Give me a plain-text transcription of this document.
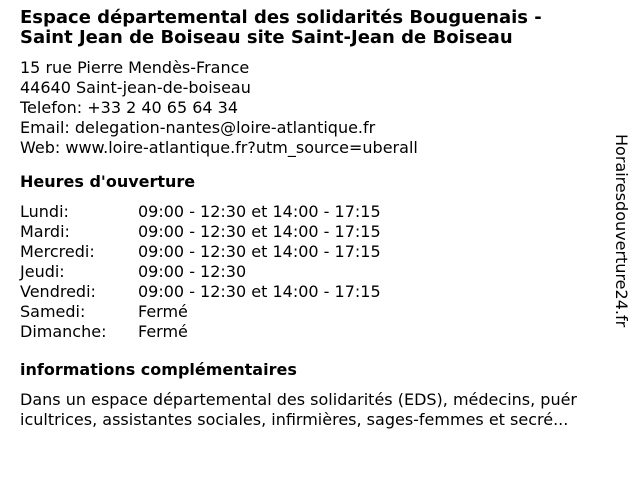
Espace départemental des solidarités Bouguenais -
Saint Jean de Boiseau site Saint-Jean de Boiseau
15 rue Pierre Mendès-France
44640 Saint-jean-de-boiseau
Telefon: +33 2 40 65 64 34
Email: delegation-nantes@loire-atlantique.fr
Web: www.loire-atlantique.fr?utm_source=uberall
Heures d'ouverture
Lundi:	09:00 - 12:30 et 14:00 - 17:15
Mardi:	09:00 - 12:30 et 14:00 - 17:15
Mercredi:	09:00 - 12:30 et 14:00 - 17:15
Jeudi:	09:00 - 12:30
Vendredi:	09:00 - 12:30 et 14:00 - 17:15
Samedi:	Fermé
Dimanche:	Fermé
informations complémentaires
Dans un espace départemental des solidarités (EDS), médecins, puér
icultrices, assistantes sociales, infirmières, sages-femmes et secré...
Horairesdouverture24.fr
